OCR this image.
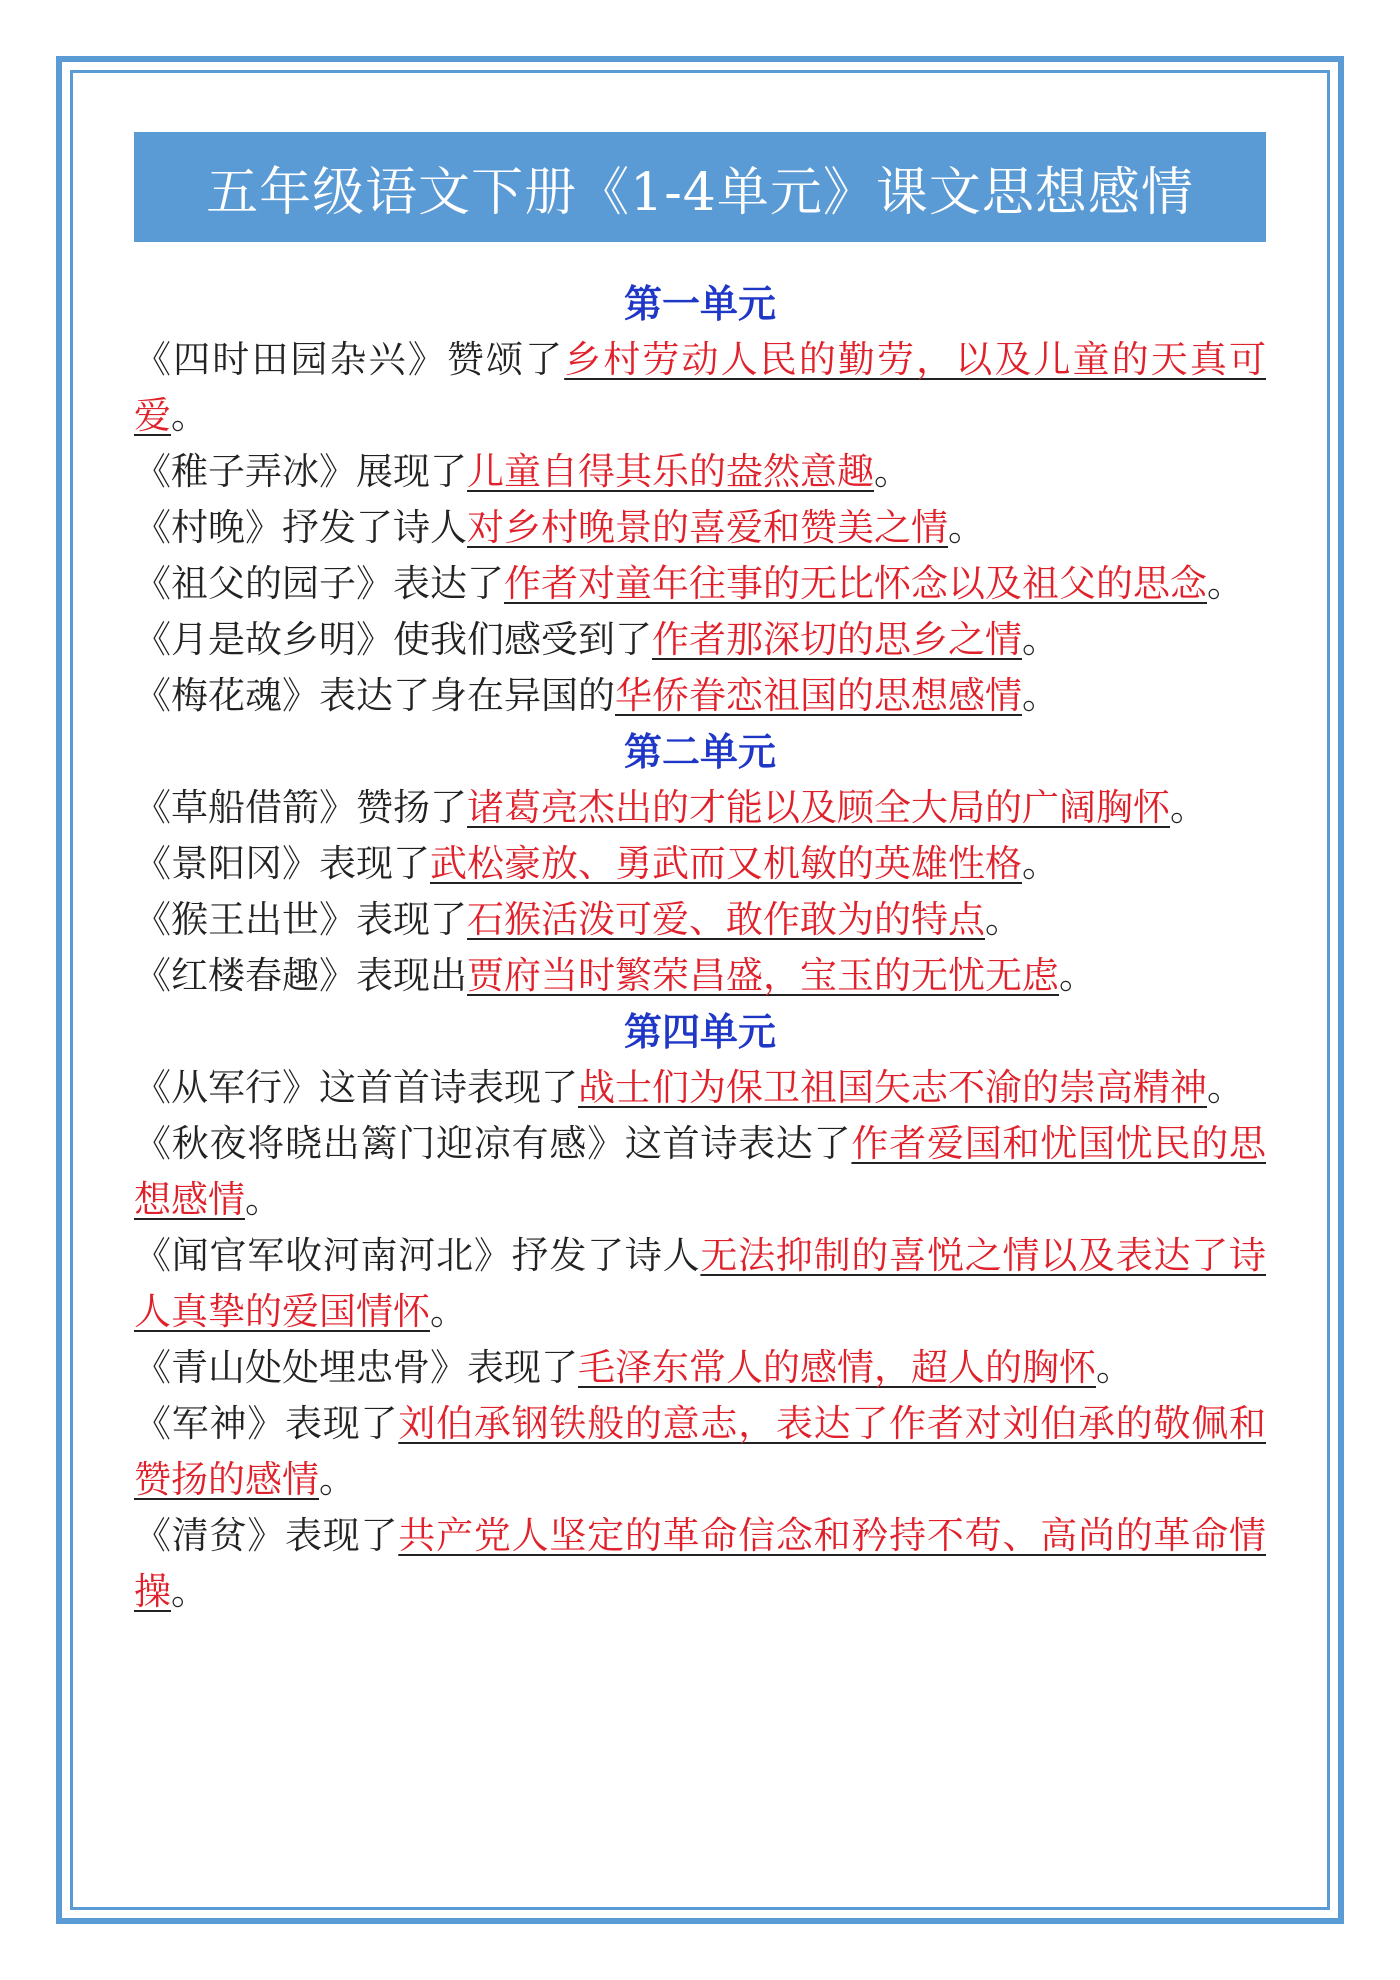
五年级语文下册《1-4单元》课文思想感情
第一单元

《四时田园杂兴》赞颂了乡村劳动人民的勤劳，以及儿童的天真可爱。

《稚子弄冰》展现了儿童自得其乐的盎然意趣。

《村晚》抒发了诗人对乡村晚景的喜爱和赞美之情。

《祖父的园子》表达了作者对童年往事的无比怀念以及祖父的思念。

《月是故乡明》使我们感受到了作者那深切的思乡之情。

《梅花魂》表达了身在异国的华侨眷恋祖国的思想感情。

第二单元

《草船借箭》赞扬了诸葛亮杰出的才能以及顾全大局的广阔胸怀。

《景阳冈》表现了武松豪放、勇武而又机敏的英雄性格。

《猴王出世》表现了石猴活泼可爱、敢作敢为的特点。

《红楼春趣》表现出贾府当时繁荣昌盛，宝玉的无忧无虑。

第四单元

《从军行》这首首诗表现了战士们为保卫祖国矢志不渝的崇高精神。

《秋夜将晓出篱门迎凉有感》这首诗表达了作者爱国和忧国忧民的思想感情。

《闻官军收河南河北》抒发了诗人无法抑制的喜悦之情以及表达了诗人真挚的爱国情怀。

《青山处处埋忠骨》表现了毛泽东常人的感情，超人的胸怀。

《军神》表现了刘伯承钢铁般的意志，表达了作者对刘伯承的敬佩和赞扬的感情。

《清贫》表现了共产党人坚定的革命信念和矜持不苟、高尚的革命情操。
